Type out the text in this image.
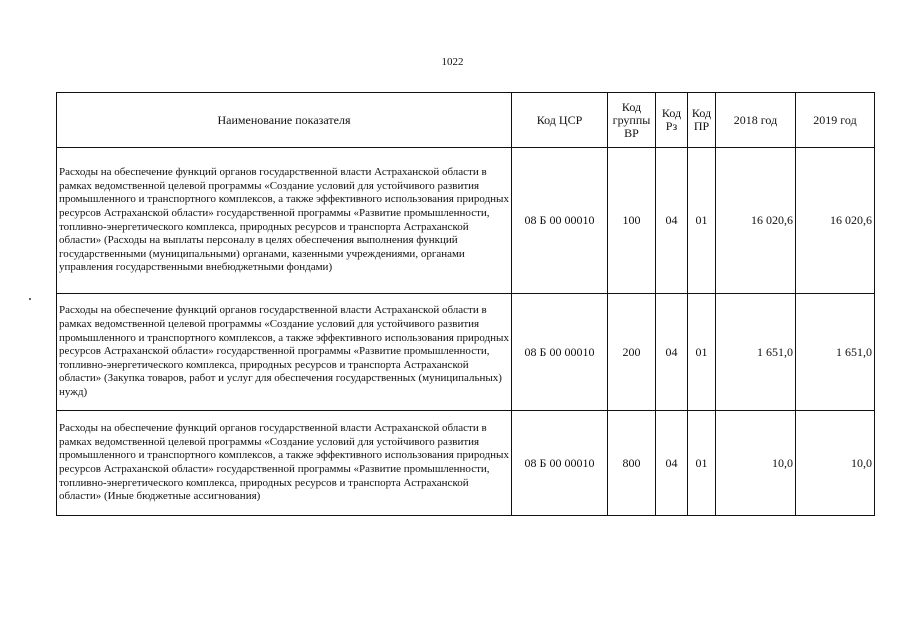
1022
Наименование показателя	Код ЦСР	Код группы ВР	Код Рз	Код ПР	2018 год	2019 год
Расходы на обеспечение функций органов государственной власти Астраханской области в рамках ведомственной целевой программы «Создание условий для устойчивого развития промышленного и транспортного комплексов, а также эффективного использования природных ресурсов Астраханской области» государственной программы «Развитие промышленности, топливно-энергетического комплекса, природных ресурсов и транспорта Астраханской области» (Расходы на выплаты персоналу в целях обеспечения выполнения функций государственными (муниципальными) органами, казенными учреждениями, органами управления государственными внебюджетными фондами)	08 Б 00 00010	100	04	01	16 020,6	16 020,6
Расходы на обеспечение функций органов государственной власти Астраханской области в рамках ведомственной целевой программы «Создание условий для устойчивого развития промышленного и транспортного комплексов, а также эффективного использования природных ресурсов Астраханской области» государственной программы «Развитие промышленности, топливно-энергетического комплекса, природных ресурсов и транспорта Астраханской области» (Закупка товаров, работ и услуг для обеспечения государственных (муниципальных) нужд)	08 Б 00 00010	200	04	01	1 651,0	1 651,0
Расходы на обеспечение функций органов государственной власти Астраханской области в рамках ведомственной целевой программы «Создание условий для устойчивого развития промышленного и транспортного комплексов, а также эффективного использования природных ресурсов Астраханской области» государственной программы «Развитие промышленности, топливно-энергетического комплекса, природных ресурсов и транспорта Астраханской области» (Иные бюджетные ассигнования)	08 Б 00 00010	800	04	01	10,0	10,0
